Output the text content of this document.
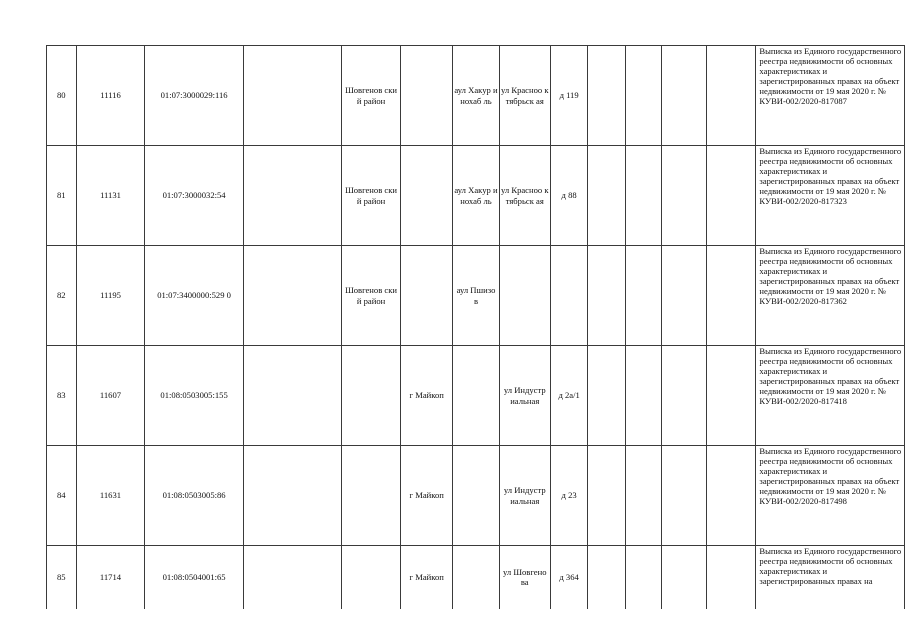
80	11116	01:07:3000029:116		Шовгенов ский район		аул Хакур инохаб ль	ул Красноо ктябрьск ая	д 119					Выписка из Единого государственного реестра недвижимости об основных характеристиках и зарегистрированных правах на объект недвижимости от 19 мая 2020 г. № КУВИ-002/2020-817087
81	11131	01:07:3000032:54		Шовгенов ский район		аул Хакур инохаб ль	ул Красноо ктябрьск ая	д 88					Выписка из Единого государственного реестра недвижимости об основных характеристиках и зарегистрированных правах на объект недвижимости от 19 мая 2020 г. № КУВИ-002/2020-817323
82	11195	01:07:3400000:529 0		Шовгенов ский район		аул Пшизо в							Выписка из Единого государственного реестра недвижимости об основных характеристиках и зарегистрированных правах на объект недвижимости от 19 мая 2020 г. № КУВИ-002/2020-817362
83	11607	01:08:0503005:155			г Майкоп		ул Индустр иальная	д 2а/1					Выписка из Единого государственного реестра недвижимости об основных характеристиках и зарегистрированных правах на объект недвижимости от 19 мая 2020 г. № КУВИ-002/2020-817418
84	11631	01:08:0503005:86			г Майкоп		ул Индустр иальная	д 23					Выписка из Единого государственного реестра недвижимости об основных характеристиках и зарегистрированных правах на объект недвижимости от 19 мая 2020 г. № КУВИ-002/2020-817498
85	11714	01:08:0504001:65			г Майкоп		ул Шовгено ва	д 364					Выписка из Единого государственного реестра недвижимости об основных характеристиках и зарегистрированных правах на
